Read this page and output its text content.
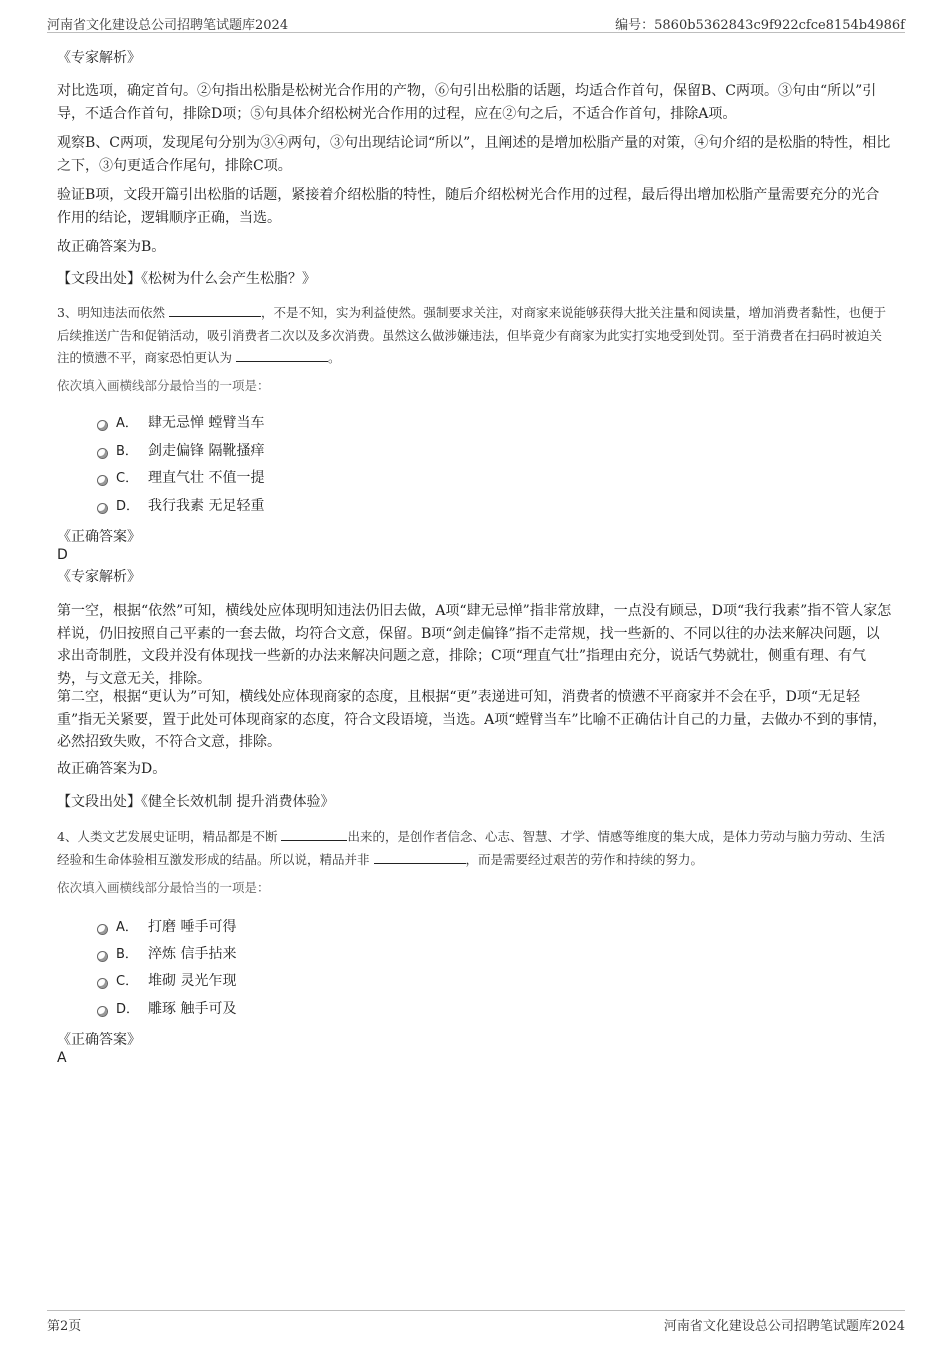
河南省文化建设总公司招聘笔试题库2024	编号：5860b5362843c9f922cfce8154b4986f

《专家解析》

对比选项，确定首句。②句指出松脂是松树光合作用的产物，⑥句引出松脂的话题，均适合作首句，保留B、C两项。③句由“所以”引导，不适合作首句，排除D项；⑤句具体介绍松树光合作用的过程，应在②句之后，不适合作首句，排除A项。

观察B、C两项，发现尾句分别为③④两句，③句出现结论词“所以”，且阐述的是增加松脂产量的对策，④句介绍的是松脂的特性，相比之下，③句更适合作尾句，排除C项。

验证B项，文段开篇引出松脂的话题，紧接着介绍松脂的特性，随后介绍松树光合作用的过程，最后得出增加松脂产量需要充分的光合作用的结论，逻辑顺序正确，当选。

故正确答案为B。

【文段出处】《松树为什么会产生松脂？》

3、明知违法而依然	，不是不知，实为利益使然。强制要求关注，对商家来说能够获得大批关注量和阅读量，增加消费者黏性，也便于后续推送广告和促销活动，吸引消费者二次以及多次消费。虽然这么做涉嫌违法，但毕竟少有商家为此实打实地受到处罚。至于消费者在扫码时被迫关注的愤懑不平，商家恐怕更认为	。

依次填入画横线部分最恰当的一项是：

A． 肆无忌惮 螳臂当车
B． 剑走偏锋 隔靴搔痒
C． 理直气壮 不值一提
D． 我行我素 无足轻重

《正确答案》

D

《专家解析》

第一空，根据“依然”可知，横线处应体现明知违法仍旧去做，A项“肆无忌惮”指非常放肆，一点没有顾忌，D项“我行我素”指不管人家怎样说，仍旧按照自己平素的一套去做，均符合文意，保留。B项“剑走偏锋”指不走常规，找一些新的、不同以往的办法来解决问题，以求出奇制胜，文段并没有体现找一些新的办法来解决问题之意，排除；C项“理直气壮”指理由充分，说话气势就壮，侧重有理、有气势，与文意无关，排除。

第二空，根据“更认为”可知，横线处应体现商家的态度，且根据“更”表递进可知，消费者的愤懑不平商家并不会在乎，D项“无足轻重”指无关紧要，置于此处可体现商家的态度，符合文段语境，当选。A项“螳臂当车”比喻不正确估计自己的力量，去做办不到的事情，必然招致失败，不符合文意，排除。

故正确答案为D。

【文段出处】《健全长效机制 提升消费体验》

4、人类文艺发展史证明，精品都是不断	出来的，是创作者信念、心志、智慧、才学、情感等维度的集大成，是体力劳动与脑力劳动、生活经验和生命体验相互激发形成的结晶。所以说，精品并非	，而是需要经过艰苦的劳作和持续的努力。

依次填入画横线部分最恰当的一项是：

A． 打磨 唾手可得
B． 淬炼 信手拈来
C． 堆砌 灵光乍现
D． 雕琢 触手可及

《正确答案》

A

第2页	河南省文化建设总公司招聘笔试题库2024
